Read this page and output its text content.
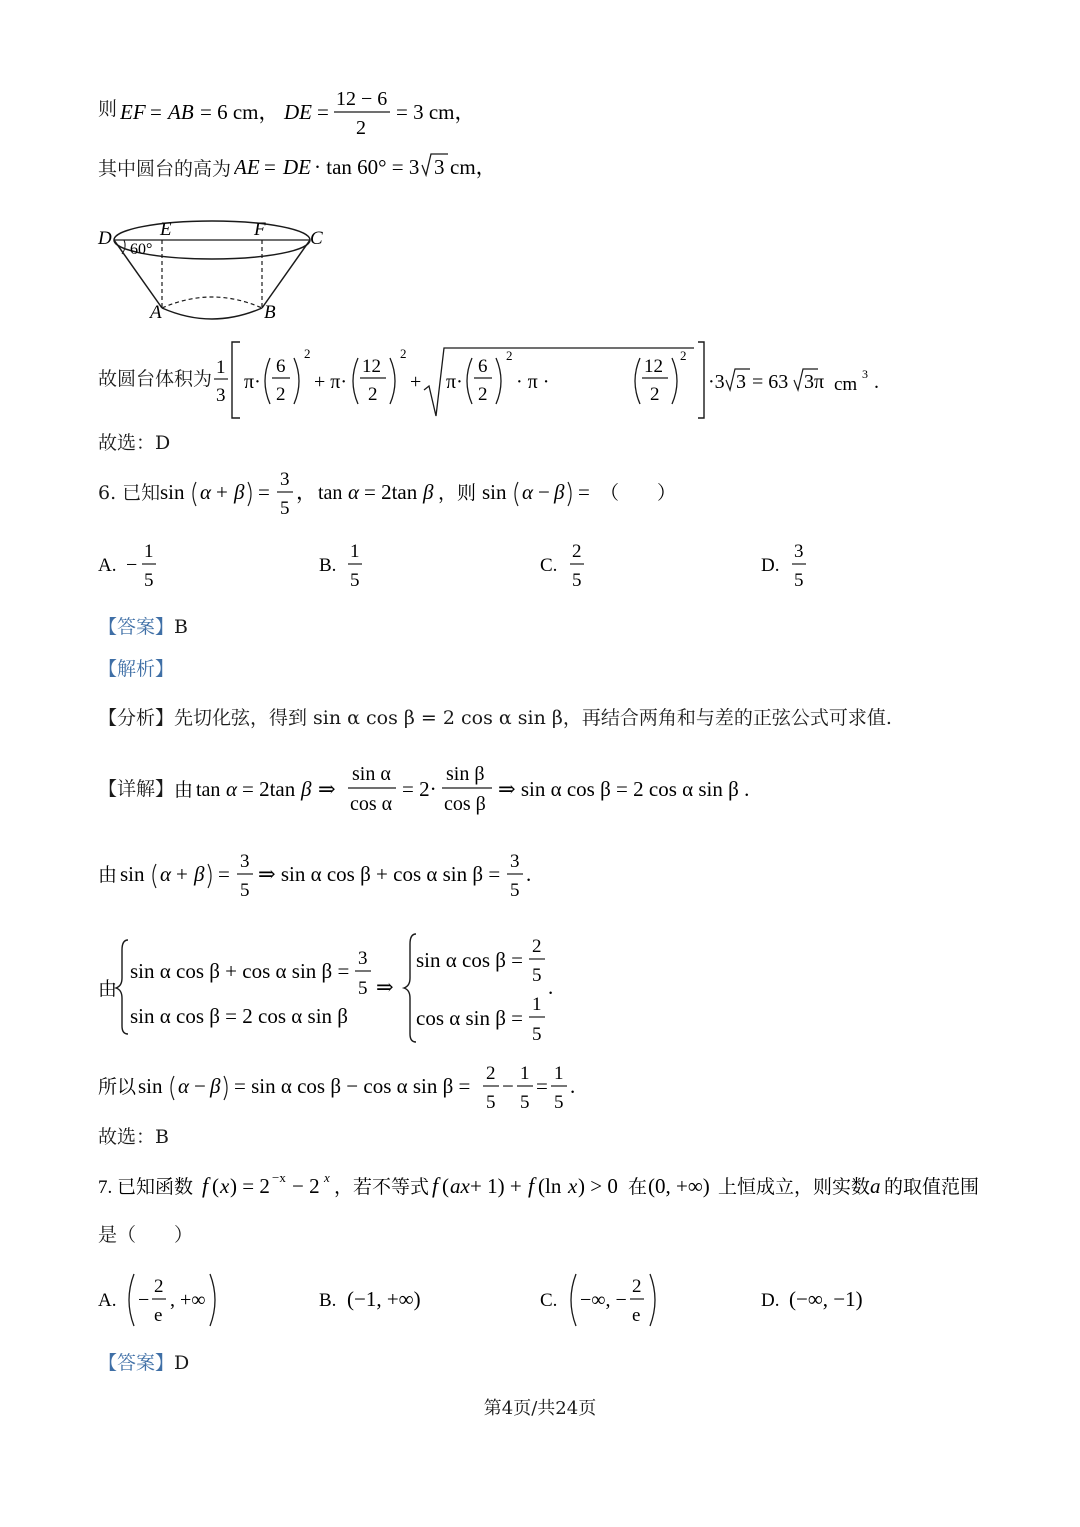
则 EF = AB = 6 cm， DE =
12 − 6
2
= 3 cm，
其中圆台的高为 AE = DE · tan 60° = 3 3 cm，
D	E	F C
A	B
60°
故圆台体积为
1
3
π·
6
2
2
+ π·
12
2
2
+ π·
6
2
2
· π ·
12
2
2
·3 3 = 63 3π cm 3 .
故选：D
6. 已知 sin α + β =
3
5
， tan α = 2tan β ，则 sin α − β = （　　）
A. −
1
5
B.
1
5
C.
2
5
D.
3
5
【答案】B
【解析】
【分析】先切化弦，得到 sin α cos β = 2 cos α sin β，再结合两角和与差的正弦公式可求值.
【详解】 由 tan α = 2tan β ⇒
sin α
cos α
= 2·
sin β
cos β
⇒ sin α cos β = 2 cos α sin β .
由 sin α + β =
3
5
⇒ sin α cos β + cos α sin β =
3
5
.
由
sin α cos β + cos α sin β =
3
5
sin α cos β = 2 cos α sin β
⇒
sin α cos β =
2
5
cos α sin β =
1
5
.
所以 sin α − β = sin α cos β − cos α sin β =
2
5
−
1
5
=
1
5
.
故选：B
7. 已知函数 f ( x ) = 2 −x − 2 x ，若不等式 f ( ax + 1) + f (ln x ) > 0 在 (0, +∞) 上恒成立，则实数 a 的取值范围
是（　　）
A. −
2
e
, +∞	B. (−1, +∞)	C. −∞, −
2
e
D. (−∞, −1)
【答案】D
第4页/共24页
